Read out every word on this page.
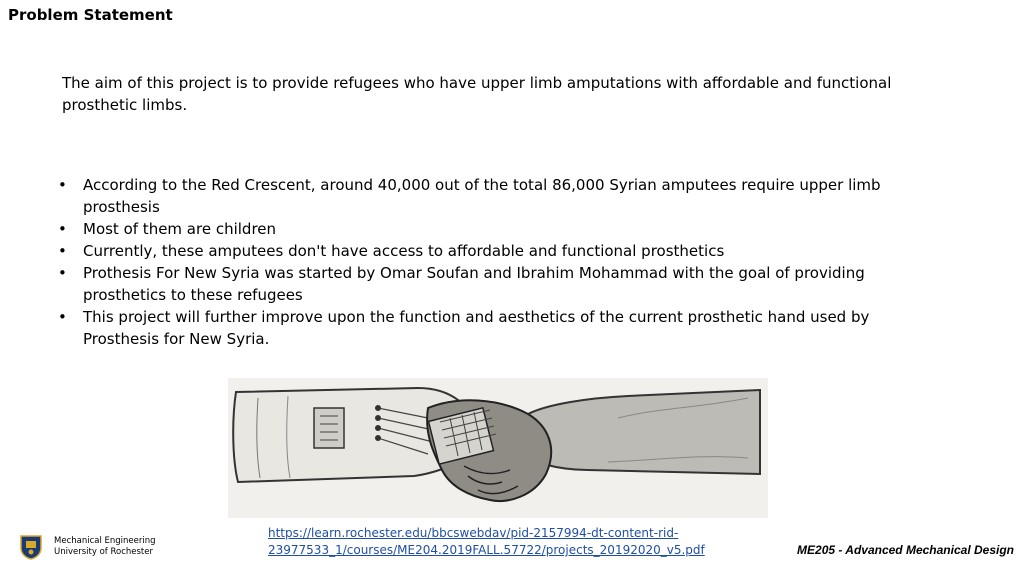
Problem Statement
The aim of this project is to provide refugees who have upper limb amputations with affordable and functional prosthetic limbs.
• According to the Red Crescent, around 40,000 out of the total 86,000 Syrian amputees require upper limb prosthesis
• Most of them are children
• Currently, these amputees don't have access to affordable and functional prosthetics
• Prothesis For New Syria was started by Omar Soufan and Ibrahim Mohammad with the goal of providing prosthetics to these refugees
• This project will further improve upon the function and aesthetics of the current prosthetic hand used by Prosthesis for New Syria.
Mechanical Engineering
University of Rochester
https://learn.rochester.edu/bbcswebdav/pid-2157994-dt-content-rid-23977533_1/courses/ME204.2019FALL.57722/projects_20192020_v5.pdf	ME205 - Advanced Mechanical Design
